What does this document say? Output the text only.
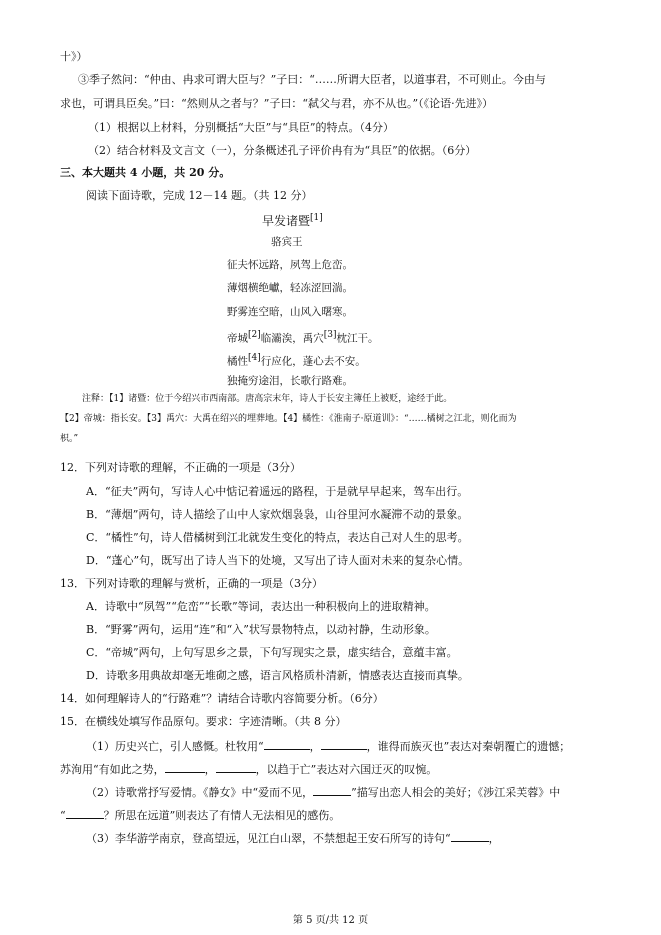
十》）
③季子然问：“仲由、冉求可谓大臣与？”子曰：“……所谓大臣者，以道事君，不可则止。今由与
求也，可谓具臣矣。”曰：“然则从之者与？”子曰：“弑父与君，亦不从也。”（《论语·先进》）
（1）根据以上材料，分别概括“大臣”与“具臣”的特点。（4分）
（2）结合材料及文言文（一），分条概述孔子评价冉有为“具臣”的依据。（6分）
三、本大题共 4 小题，共 20 分。
阅读下面诗歌，完成 12－14 题。（共 12 分）
早发诸暨[1]
骆宾王
征夫怀远路，夙驾上危峦。
薄烟横绝巘，轻冻涩回湍。
野雾连空暗，山风入曙寒。
帝城[2]临灞涘，禹穴[3]枕江干。
橘性[4]行应化，蓬心去不安。
独掩穷途泪，长歌行路难。
注释：【1】诸暨：位于今绍兴市西南部。唐高宗末年，诗人于长安主簿任上被贬，途经于此。
【2】帝城：指长安。【3】禹穴：大禹在绍兴的埋葬地。【4】橘性：《淮南子·原道训》：“……橘树之江北，则化而为
枳。”
12．下列对诗歌的理解，不正确的一项是（3分）
A．“征夫”两句，写诗人心中惦记着遥远的路程，于是就早早起来，驾车出行。
B．“薄烟”两句，诗人描绘了山中人家炊烟袅袅，山谷里河水凝滞不动的景象。
C．“橘性”句，诗人借橘树到江北就发生变化的特点，表达自己对人生的思考。
D．“蓬心”句，既写出了诗人当下的处境，又写出了诗人面对未来的复杂心情。
13．下列对诗歌的理解与赏析，正确的一项是（3分）
A．诗歌中“夙驾”“危峦”“长歌”等词，表达出一种积极向上的进取精神。
B．“野雾”两句，运用“连”和“入”状写景物特点，以动衬静，生动形象。
C．“帝城”两句，上句写思乡之景，下句写现实之景，虚实结合，意蕴丰富。
D．诗歌多用典故却毫无堆砌之感，语言风格质朴清新，情感表达直接而真挚。
14．如何理解诗人的“行路难”？请结合诗歌内容简要分析。（6分）
15．在横线处填写作品原句。要求：字迹清晰。（共 8 分）
（1）历史兴亡，引人感慨。杜牧用“	，	，谁得而族灭也”表达对秦朝覆亡的遗憾；
苏洵用“有如此之势，	，	，以趋于亡”表达对六国迂灭的叹惋。
（2）诗歌常抒写爱情。《静女》中“爱而不见，	”描写出恋人相会的美好；《涉江采芙蓉》中
“	？所思在远道”则表达了有情人无法相见的感伤。
（3）李华游学南京，登高望远，见江白山翠，不禁想起王安石所写的诗句“	，
第 5 页/共 12 页
